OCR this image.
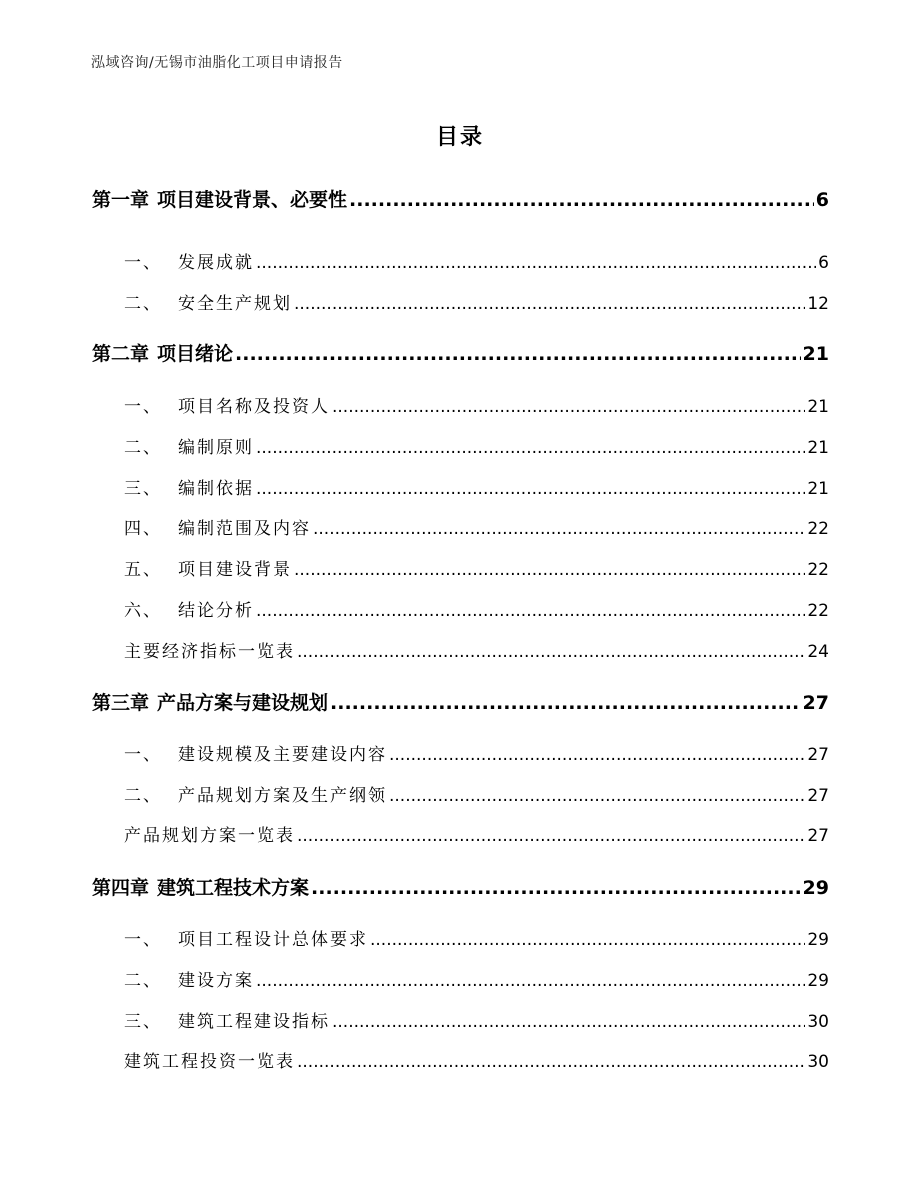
泓域咨询/无锡市油脂化工项目申请报告
目录
第一章 项目建设背景、必要性 .....	6
一、 发展成就 .....	6
二、 安全生产规划 .....	12
第二章 项目绪论 .....	21
一、 项目名称及投资人 .....	21
二、 编制原则 .....	21
三、 编制依据 .....	21
四、 编制范围及内容 .....	22
五、 项目建设背景 .....	22
六、 结论分析 .....	22
主要经济指标一览表 .....	24
第三章 产品方案与建设规划 .....	27
一、 建设规模及主要建设内容 .....	27
二、 产品规划方案及生产纲领 .....	27
产品规划方案一览表 .....	27
第四章 建筑工程技术方案 .....	29
一、 项目工程设计总体要求 .....	29
二、 建设方案 .....	29
三、 建筑工程建设指标 .....	30
建筑工程投资一览表 .....	30
